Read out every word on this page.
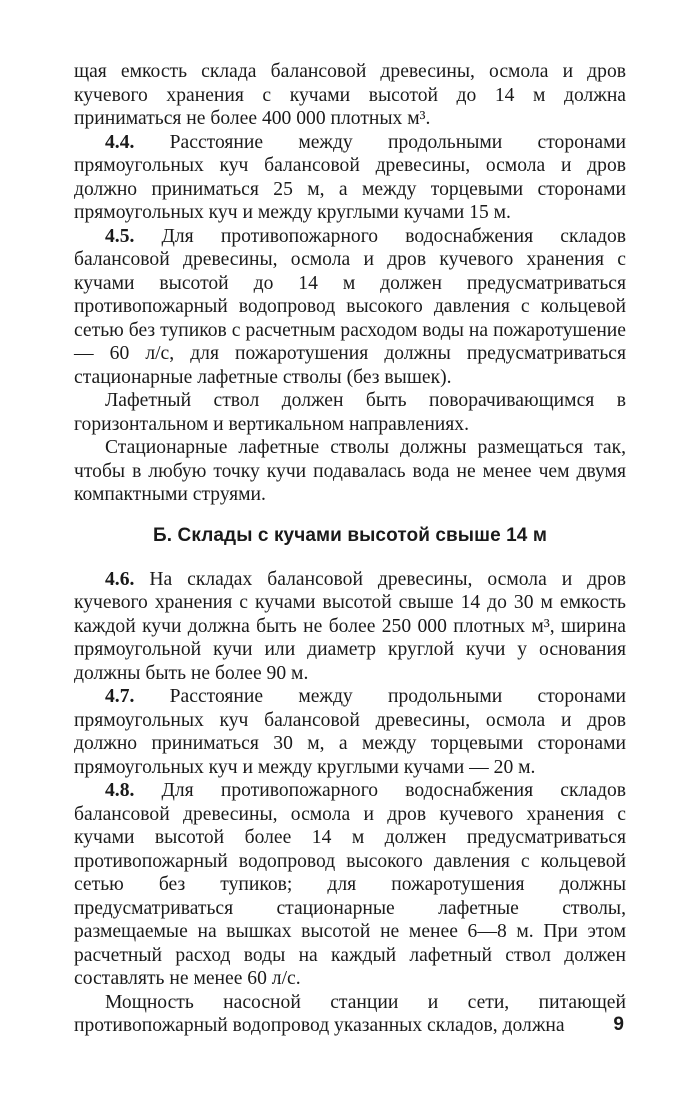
щая емкость склада балансовой древесины, осмола и дров кучевого хранения с кучами высотой до 14 м должна приниматься не более 400 000 плотных м³.

4.4. Расстояние между продольными сторонами прямоугольных куч балансовой древесины, осмола и дров должно приниматься 25 м, а между торцевыми сторонами прямоугольных куч и между круглыми кучами 15 м.

4.5. Для противопожарного водоснабжения складов балансовой древесины, осмола и дров кучевого хранения с кучами высотой до 14 м должен предусматриваться противопожарный водопровод высокого давления с кольцевой сетью без тупиков с расчетным расходом воды на пожаротушение — 60 л/с, для пожаротушения должны предусматриваться стационарные лафетные стволы (без вышек).

Лафетный ствол должен быть поворачивающимся в горизонтальном и вертикальном направлениях.

Стационарные лафетные стволы должны размещаться так, чтобы в любую точку кучи подавалась вода не менее чем двумя компактными струями.

Б. Склады с кучами высотой свыше 14 м

4.6. На складах балансовой древесины, осмола и дров кучевого хранения с кучами высотой свыше 14 до 30 м емкость каждой кучи должна быть не более 250 000 плотных м³, ширина прямоугольной кучи или диаметр круглой кучи у основания должны быть не более 90 м.

4.7. Расстояние между продольными сторонами прямоугольных куч балансовой древесины, осмола и дров должно приниматься 30 м, а между торцевыми сторонами прямоугольных куч и между круглыми кучами — 20 м.

4.8. Для противопожарного водоснабжения складов балансовой древесины, осмола и дров кучевого хранения с кучами высотой более 14 м должен предусматриваться противопожарный водопровод высокого давления с кольцевой сетью без тупиков; для пожаротушения должны предусматриваться стационарные лафетные стволы, размещаемые на вышках высотой не менее 6—8 м. При этом расчетный расход воды на каждый лафетный ствол должен составлять не менее 60 л/с.

Мощность насосной станции и сети, питающей противопожарный водопровод указанных складов, должна	9
